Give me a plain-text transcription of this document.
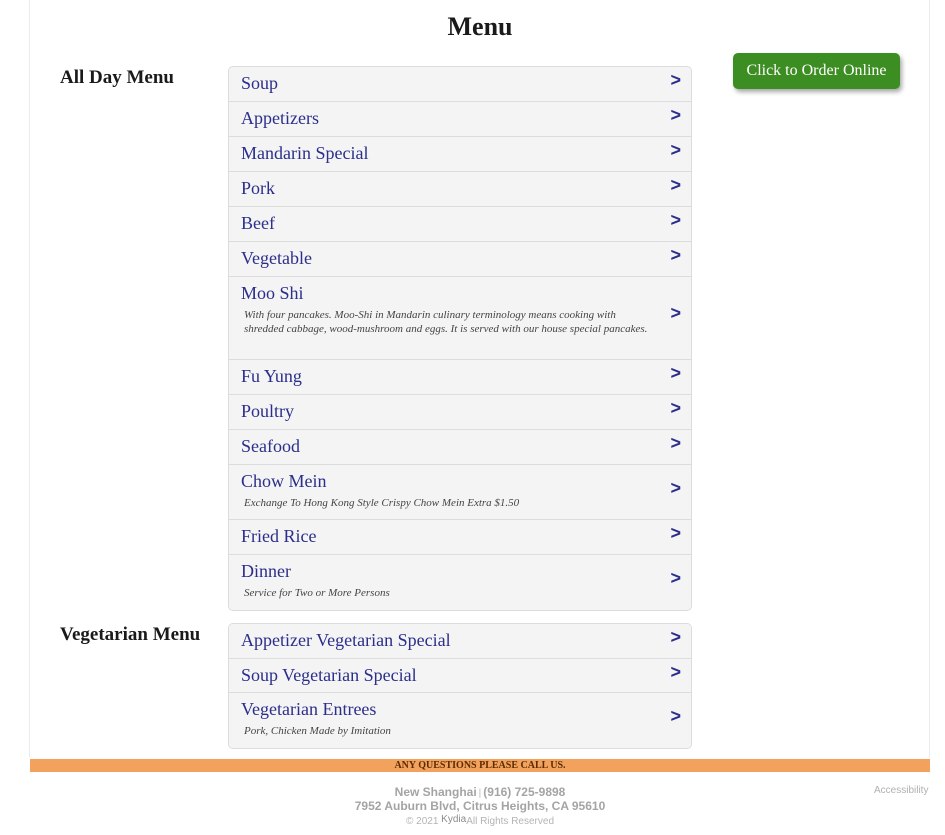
Menu
Click to Order Online
All Day Menu	Soup	>
Appetizers	>
Mandarin Special	>
Pork	>
Beef	>
Vegetable	>
Moo Shi
With four pancakes. Moo-Shi in Mandarin culinary terminology means cooking with shredded cabbage, wood-mushroom and eggs. It is served with our house special pancakes.
>
Fu Yung	>
Poultry	>
Seafood	>
Chow Mein
Exchange To Hong Kong Style Crispy Chow Mein Extra $1.50
>
Fried Rice	>
Dinner
Service for Two or More Persons
>
Vegetarian Menu Appetizer Vegetarian Special	>
Soup Vegetarian Special	>
Vegetarian Entrees
Pork, Chicken Made by Imitation
>
ANY QUESTIONS PLEASE CALL US.
New Shanghai | (916) 725-9898
7952 Auburn Blvd, Citrus Heights, CA 95610
© 2021 KydiaAll Rights Reserved
Accessibility
